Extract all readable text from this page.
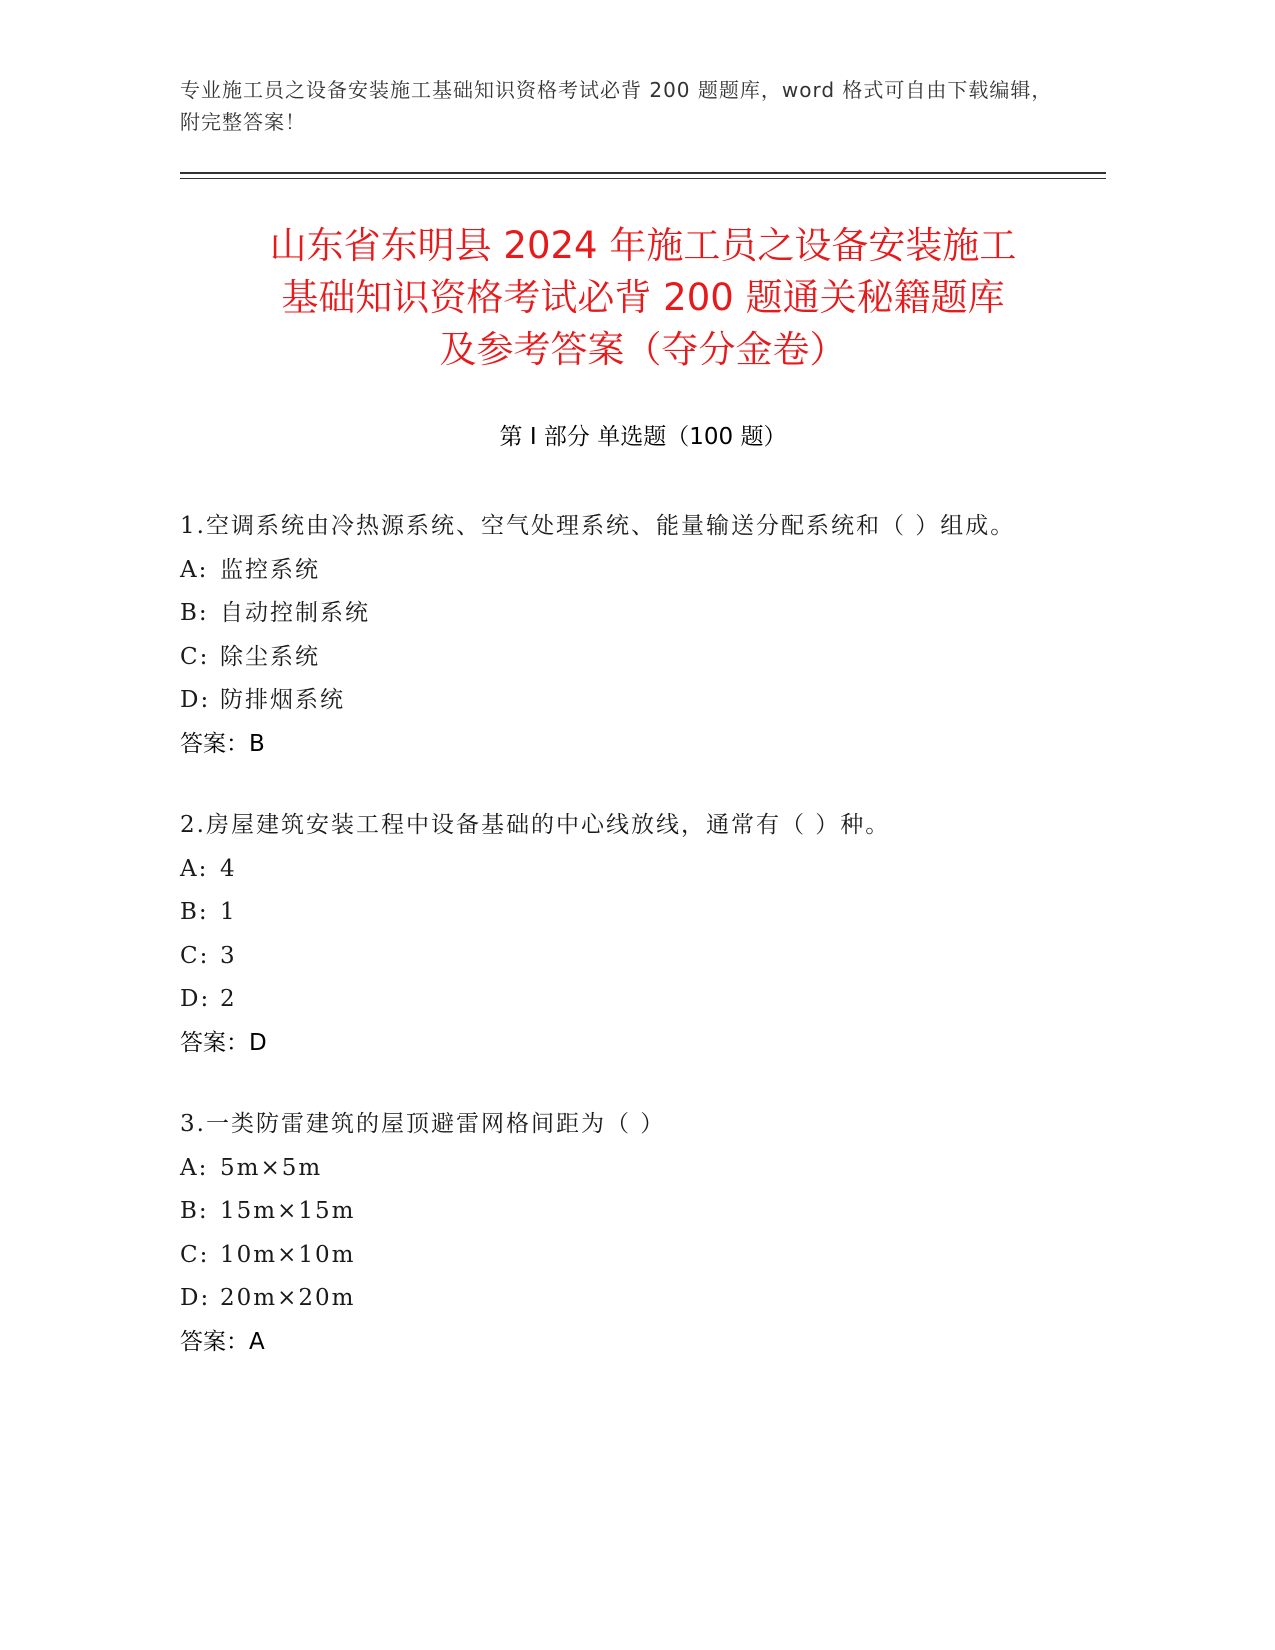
专业施工员之设备安装施工基础知识资格考试必背 200 题题库，word 格式可自由下载编辑，附完整答案！
山东省东明县 2024 年施工员之设备安装施工
基础知识资格考试必背 200 题通关秘籍题库
及参考答案（夺分金卷）
第 I 部分 单选题（100 题）

1.空调系统由冷热源系统、空气处理系统、能量输送分配系统和（ ）组成。

A: 监控系统

B: 自动控制系统

C: 除尘系统

D: 防排烟系统

答案：B

2.房屋建筑安装工程中设备基础的中心线放线，通常有（ ）种。

A: 4

B: 1

C: 3

D: 2

答案：D

3.一类防雷建筑的屋顶避雷网格间距为（ ）

A: 5m×5m

B: 15m×15m

C: 10m×10m

D: 20m×20m

答案：A
